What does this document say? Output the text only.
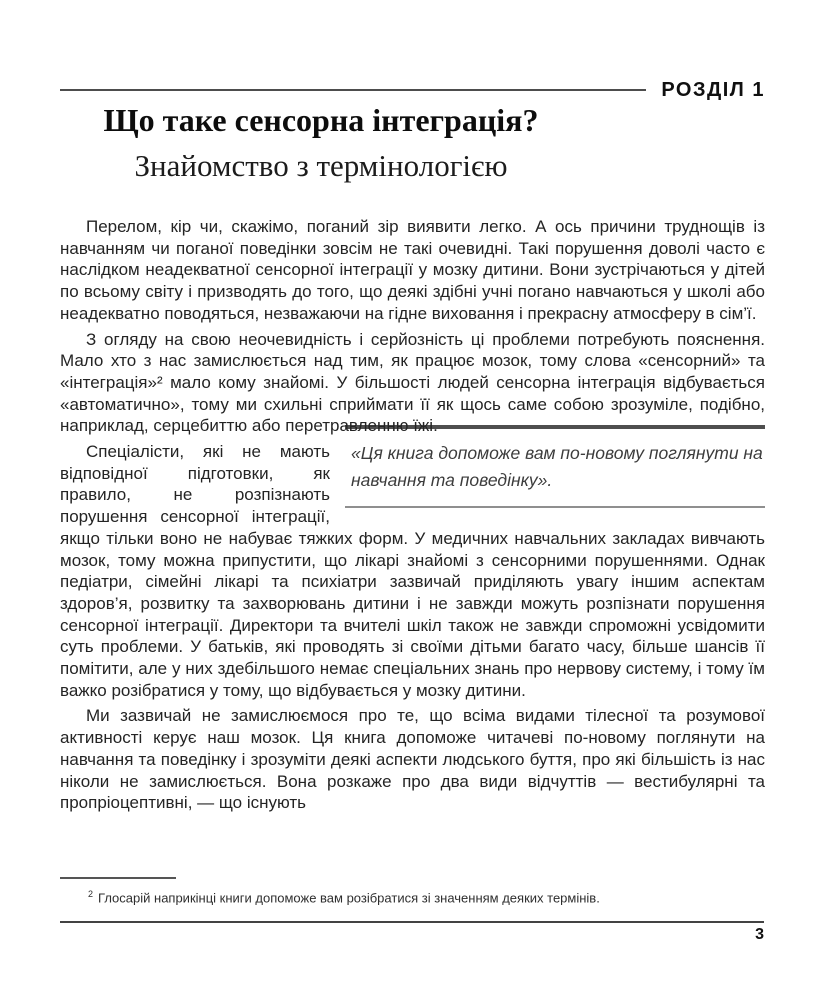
РОЗДІЛ 1
Що таке сенсорна інтеграція?
Знайомство з термінологією

Перелом, кір чи, скажімо, поганий зір виявити легко. А ось причини труднощів із навчанням чи поганої поведінки зовсім не такі очевидні. Такі порушення доволі часто є наслідком неадекватної сенсорної інтеграції у мозку дитини. Вони зустрічаються у дітей по всьому світу і призводять до того, що деякі здібні учні погано навчаються у школі або неадекватно поводяться, незважаючи на гідне виховання і прекрасну атмосферу в сім’ї.

З огляду на свою неочевидність і серйозність ці проблеми потребують пояснення. Мало хто з нас замислюється над тим, як працює мозок, тому слова «сенсорний» та «інтеграція»² мало кому знайомі. У більшості людей сенсорна інтеграція відбувається «автоматично», тому ми схильні сприймати її як щось саме собою зрозуміле, подібно, наприклад, серцебиттю або перетравленню їжі.

«Ця книга допоможе вам по-новому поглянути на навчання та поведінку».

Спеціалісти, які не мають відповідної підготовки, як правило, не розпізнають порушення сенсорної інтеграції, якщо тільки воно не набуває тяжких форм. У медичних навчальних закладах вивчають мозок, тому можна припустити, що лікарі знайомі з сенсорними порушеннями. Однак педіатри, сімейні лікарі та психіатри зазвичай приділяють увагу іншим аспектам здоров’я, розвитку та захворювань дитини і не завжди можуть розпізнати порушення сенсорної інтеграції. Директори та вчителі шкіл також не завжди спроможні усвідомити суть проблеми. У батьків, які проводять зі своїми дітьми багато часу, більше шансів її помітити, але у них здебільшого немає спеціальних знань про нервову систему, і тому їм важко розібратися у тому, що відбувається у мозку дитини.

Ми зазвичай не замислюємося про те, що всіма видами тілесної та розумової активності керує наш мозок. Ця книга допоможе читачеві по-новому поглянути на навчання та поведінку і зрозуміти деякі аспекти людського буття, про які більшість із нас ніколи не замислюється. Вона розкаже про два види відчуттів — вестибулярні та пропріоцептивні, — що існують

$^2$ Глосарій наприкінці книги допоможе вам розібратися зі значенням деяких термінів.
3
